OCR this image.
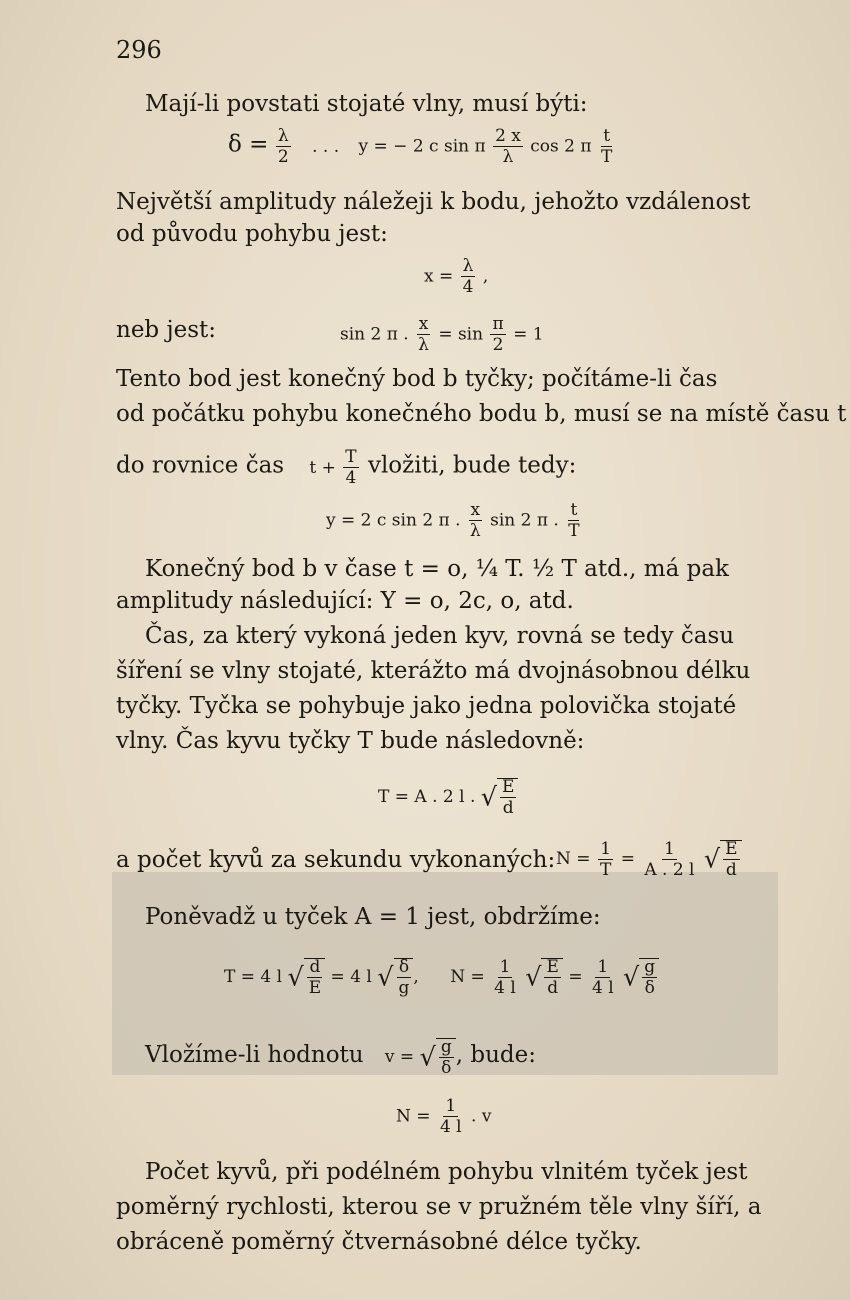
296
Mají-li povstati stojaté vlny, musí býti:
$\delta = \frac{\lambda}{2}$ . . . y = − 2 c sin π $\frac{2 x}{\lambda}$ cos 2 π $\frac{t}{T}$
Největší amplitudy náležeji k bodu, jehožto vzdálenost
od původu pohybu jest:
$x = \frac{\lambda}{4}$ ,
neb jest:	sin 2 π . $\frac{x}{\lambda} = \sin \frac{\pi}{2} = 1$
Tento bod jest konečný bod b tyčky; počítáme-li čas
od počátku pohybu konečného bodu b, musí se na místě času t
do rovnice čas $t + \frac{T}{4}$ vložiti, bude tedy:
y = 2 c sin 2 π . $\frac{x}{\lambda}$ sin 2 π . $\frac{t}{T}$
Konečný bod b v čase t = o, ¼ T. ½ T atd., má pak
amplitudy následující: Y = o, 2c, o, atd.
Čas, za který vykoná jeden kyv, rovná se tedy času
šíření se vlny stojaté, kterážto má dvojnásobnou délku
tyčky. Tyčka se pohybuje jako jedna polovička stojaté
vlny. Čas kyvu tyčky T bude následovně:
T = A . 2 l . √ $\frac{E}{d}$
a počet kyvů za sekundu vykonaných: $N = \frac{1}{T} = \frac{1}{A . 2 l}$ √ $\frac{E}{d}$
Poněvadž u tyček A = 1 jest, obdržíme:
T = 4 l √ $\frac{d}{E} = 4$ l √ $\frac{\delta}{g}$ , $N = \frac{1}{4 l}$ √ $\frac{E}{d} = \frac{1}{4 l}$ √ $\frac{g}{\delta}$
Vložíme-li hodnotu v = √ $\frac{g}{\delta}$ , bude:
$N = \frac{1}{4 l}$ . v
Počet kyvů, při podélném pohybu vlnitém tyček jest
poměrný rychlosti, kterou se v pružném těle vlny šíří, a
obráceně poměrný čtvernásobné délce tyčky.
